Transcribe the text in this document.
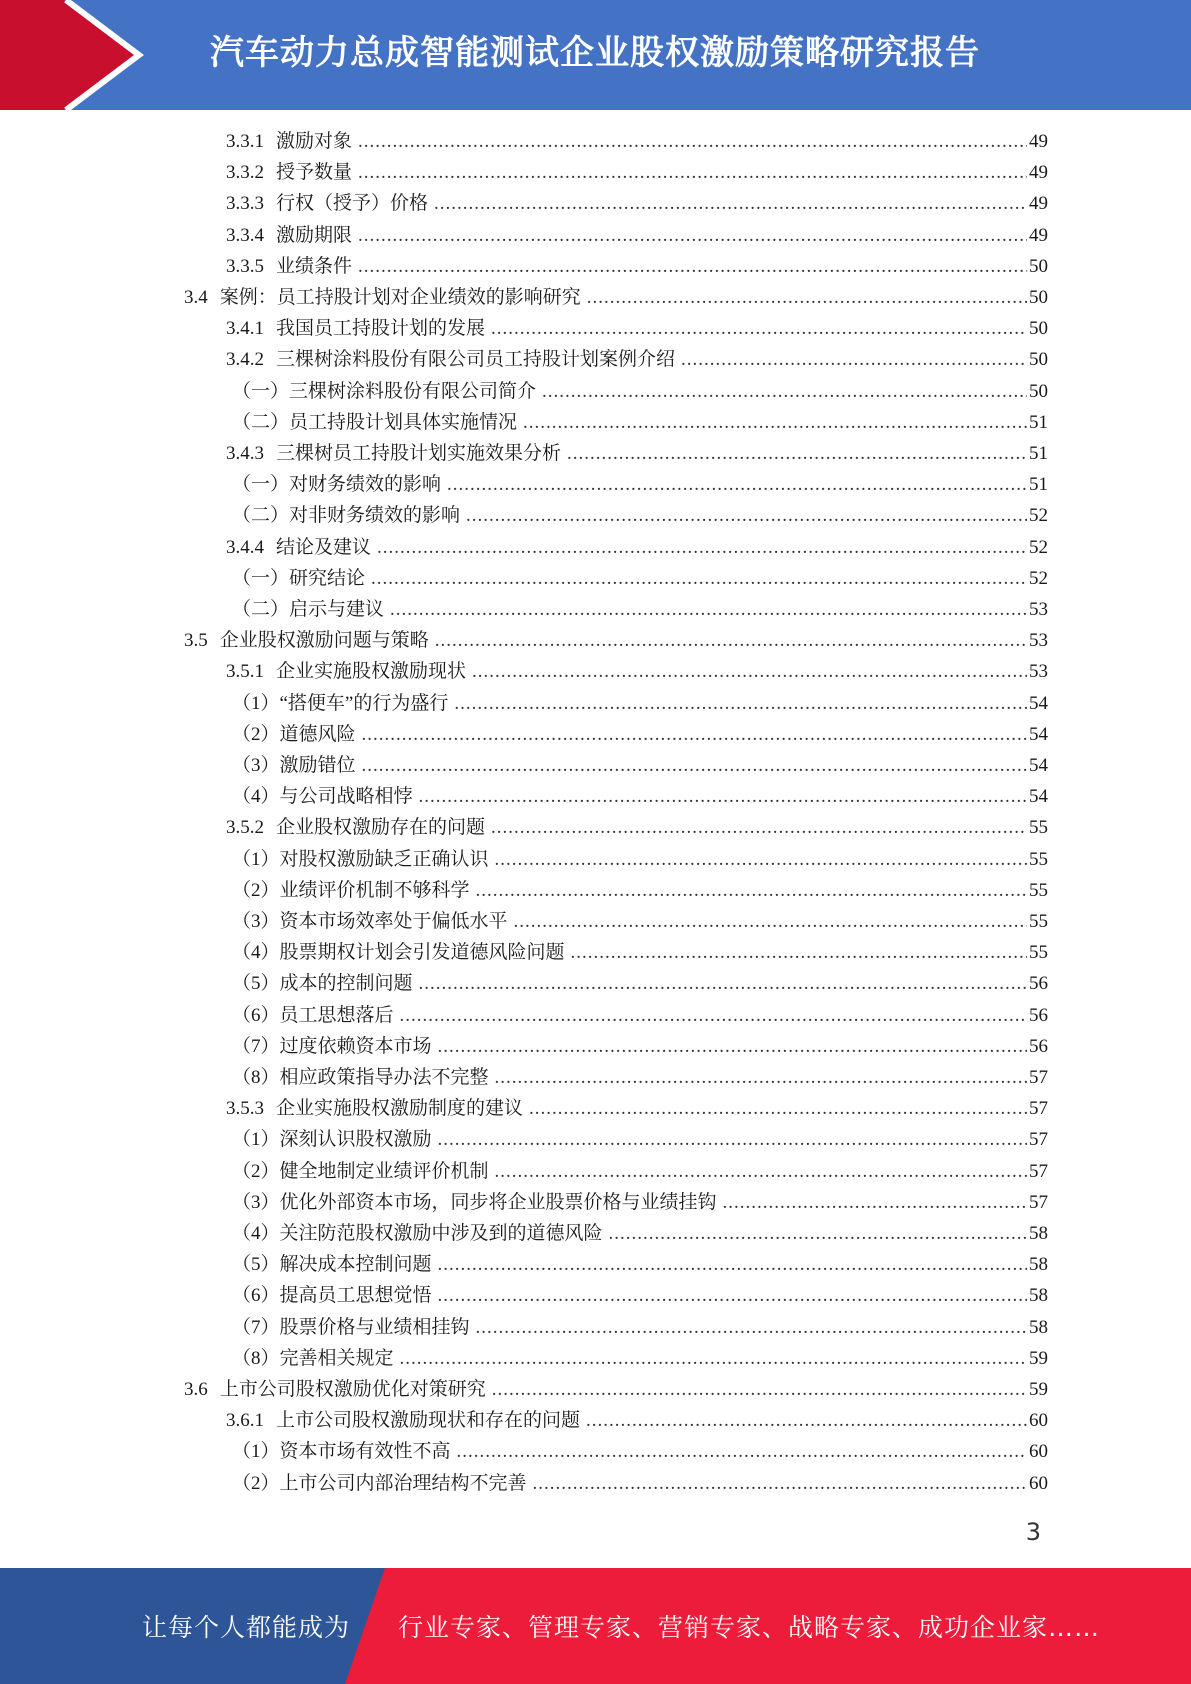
汽车动力总成智能测试企业股权激励策略研究报告
3.3.1 激励对象 .....	49
3.3.2 授予数量 .....	49
3.3.3 行权（授予）价格 .....	49
3.3.4 激励期限 .....	49
3.3.5 业绩条件 .....	50
3.4 案例：员工持股计划对企业绩效的影响研究 .....	50
3.4.1 我国员工持股计划的发展 .....	50
3.4.2 三棵树涂料股份有限公司员工持股计划案例介绍 .....	50
（一）三棵树涂料股份有限公司简介 .....	50
（二）员工持股计划具体实施情况 .....	51
3.4.3 三棵树员工持股计划实施效果分析 .....	51
（一）对财务绩效的影响 .....	51
（二）对非财务绩效的影响 .....	52
3.4.4 结论及建议 .....	52
（一）研究结论 .....	52
（二）启示与建议 .....	53
3.5 企业股权激励问题与策略 .....	53
3.5.1 企业实施股权激励现状 .....	53
（1）“搭便车”的行为盛行 .....	54
（2）道德风险 .....	54
（3）激励错位 .....	54
（4）与公司战略相悖 .....	54
3.5.2 企业股权激励存在的问题 .....	55
（1）对股权激励缺乏正确认识 .....	55
（2）业绩评价机制不够科学 .....	55
（3）资本市场效率处于偏低水平 .....	55
（4）股票期权计划会引发道德风险问题 .....	55
（5）成本的控制问题 .....	56
（6）员工思想落后 .....	56
（7）过度依赖资本市场 .....	56
（8）相应政策指导办法不完整 .....	57
3.5.3 企业实施股权激励制度的建议 .....	57
（1）深刻认识股权激励 .....	57
（2）健全地制定业绩评价机制 .....	57
（3）优化外部资本市场，同步将企业股票价格与业绩挂钩 .....	57
（4）关注防范股权激励中涉及到的道德风险 .....	58
（5）解决成本控制问题 .....	58
（6）提高员工思想觉悟 .....	58
（7）股票价格与业绩相挂钩 .....	58
（8）完善相关规定 .....	59
3.6 上市公司股权激励优化对策研究 .....	59
3.6.1 上市公司股权激励现状和存在的问题 .....	60
（1）资本市场有效性不高 .....	60
（2）上市公司内部治理结构不完善 .....	60
3
让每个人都能成为 行业专家、管理专家、营销专家、战略专家、成功企业家……
